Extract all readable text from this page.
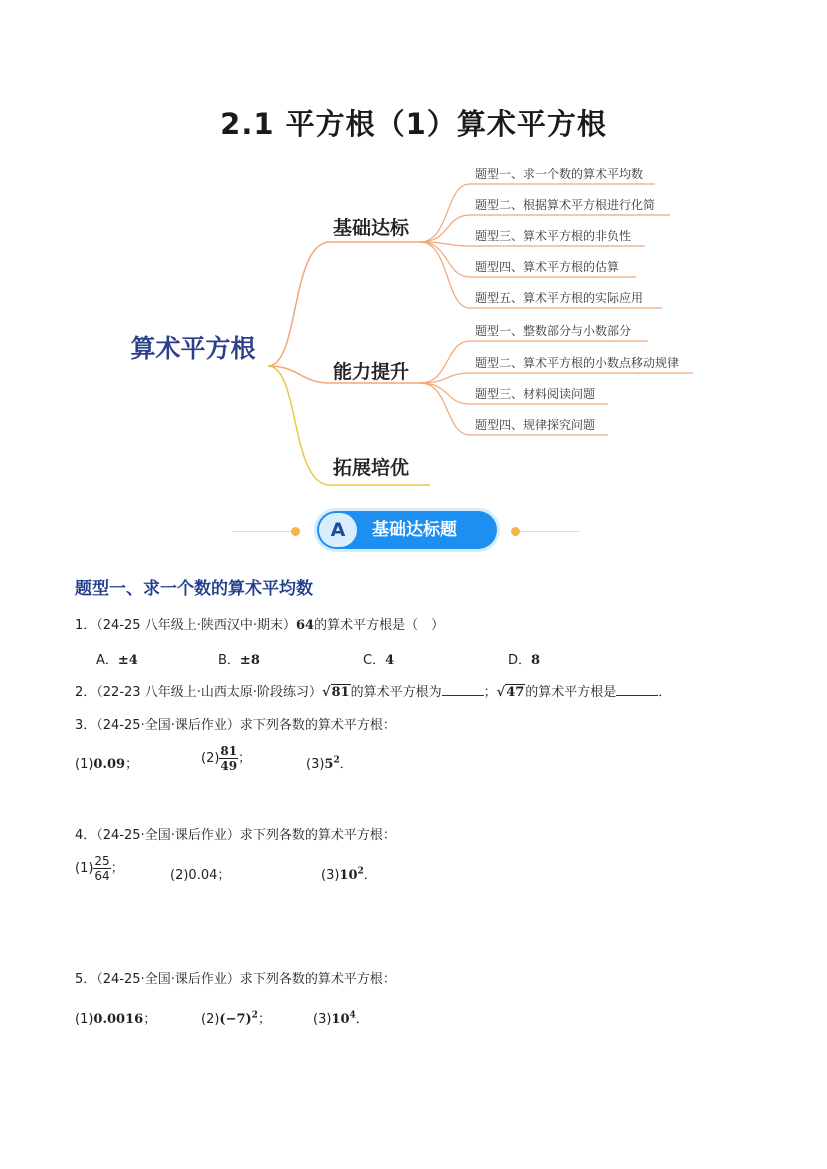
2.1 平方根（1）算术平方根
算术平方根
基础达标
能力提升
拓展培优
题型一、求一个数的算术平均数
题型二、根据算术平方根进行化简
题型三、算术平方根的非负性
题型四、算术平方根的估算
题型五、算术平方根的实际应用
题型一、整数部分与小数部分
题型二、算术平方根的小数点移动规律
题型三、材料阅读问题
题型四、规律探究问题
A	基础达标题
题型一、求一个数的算术平均数
1．（24-25 八年级上·陕西汉中·期末）64的算术平方根是（　）
A．±4	B．±8	C．4	D．8
2．（22-23 八年级上·山西太原·阶段练习）√81的算术平方根为	；√47的算术平方根是	．
3．（24-25·全国·课后作业）求下列各数的算术平方根：
(1)0.09；	$(2) \frac{81}{49}$ ；	$(3)5^2$．
4．（24-25·全国·课后作业）求下列各数的算术平方根：
$(1) \frac{25}{64}$ ；	(2)0.04；	$(3)10^2$．
5．（24-25·全国·课后作业）求下列各数的算术平方根：
(1)0.0016；	$(2)(-7)^2$；	$(3)10^4$．
